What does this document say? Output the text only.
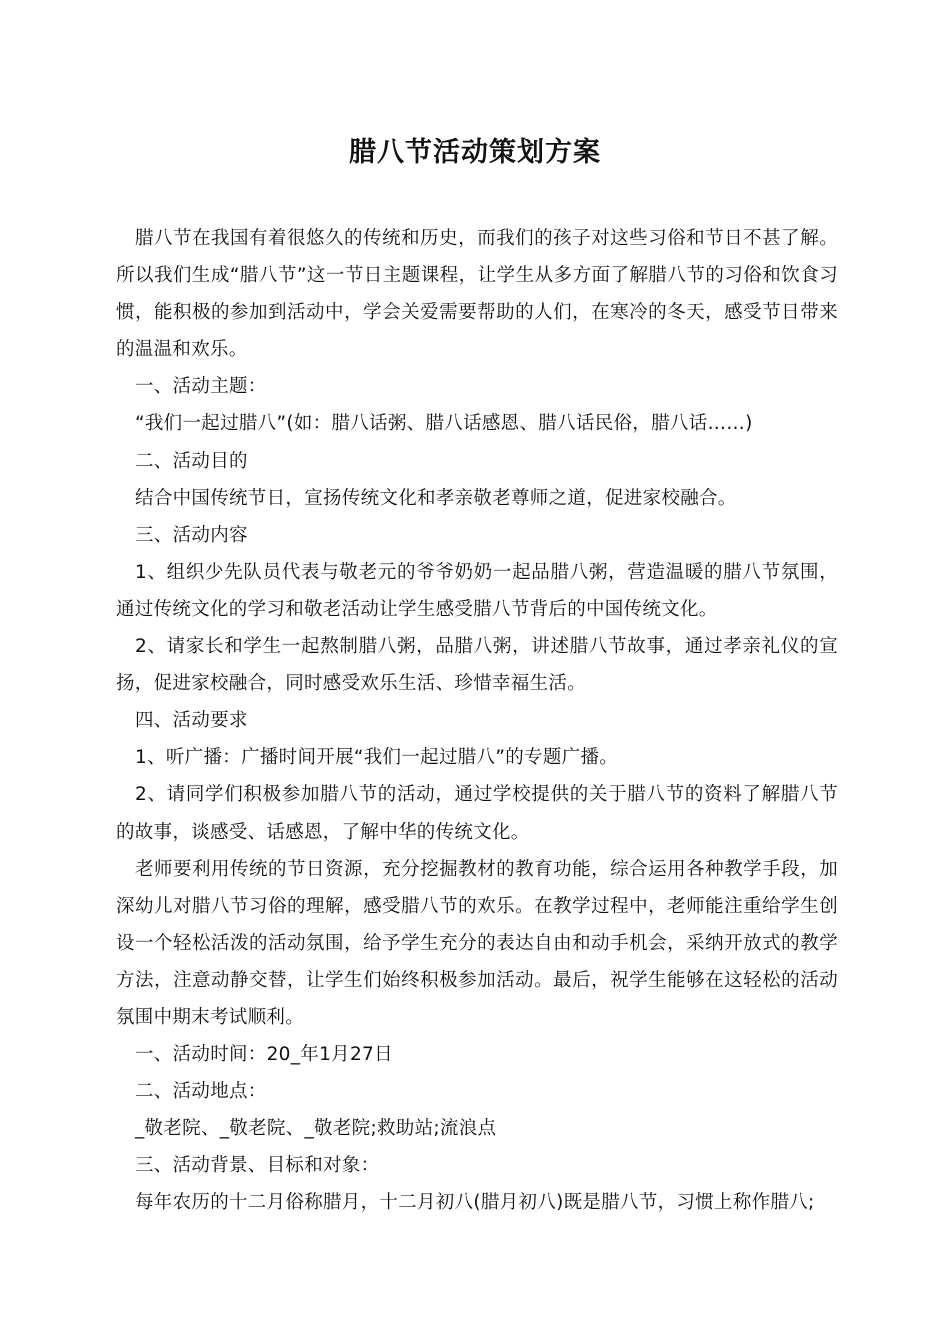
腊八节活动策划方案

腊八节在我国有着很悠久的传统和历史，而我们的孩子对这些习俗和节日不甚了解。所以我们生成“腊八节”这一节日主题课程，让学生从多方面了解腊八节的习俗和饮食习惯，能积极的参加到活动中，学会关爱需要帮助的人们，在寒冷的冬天，感受节日带来的温温和欢乐。

一、活动主题：

“我们一起过腊八”(如：腊八话粥、腊八话感恩、腊八话民俗，腊八话……)

二、活动目的

结合中国传统节日，宣扬传统文化和孝亲敬老尊师之道，促进家校融合。

三、活动内容

1、组织少先队员代表与敬老元的爷爷奶奶一起品腊八粥，营造温暖的腊八节氛围，通过传统文化的学习和敬老活动让学生感受腊八节背后的中国传统文化。

2、请家长和学生一起熬制腊八粥，品腊八粥，讲述腊八节故事，通过孝亲礼仪的宣扬，促进家校融合，同时感受欢乐生活、珍惜幸福生活。

四、活动要求

1、听广播：广播时间开展“我们一起过腊八”的专题广播。

2、请同学们积极参加腊八节的活动，通过学校提供的关于腊八节的资料了解腊八节的故事，谈感受、话感恩，了解中华的传统文化。

老师要利用传统的节日资源，充分挖掘教材的教育功能，综合运用各种教学手段，加深幼儿对腊八节习俗的理解，感受腊八节的欢乐。在教学过程中，老师能注重给学生创设一个轻松活泼的活动氛围，给予学生充分的表达自由和动手机会，采纳开放式的教学方法，注意动静交替，让学生们始终积极参加活动。最后，祝学生能够在这轻松的活动氛围中期末考试顺利。

一、活动时间：20_年1月27日

二、活动地点：

_敬老院、_敬老院、_敬老院;救助站;流浪点

三、活动背景、目标和对象：

每年农历的十二月俗称腊月，十二月初八(腊月初八)既是腊八节，习惯上称作腊八;
